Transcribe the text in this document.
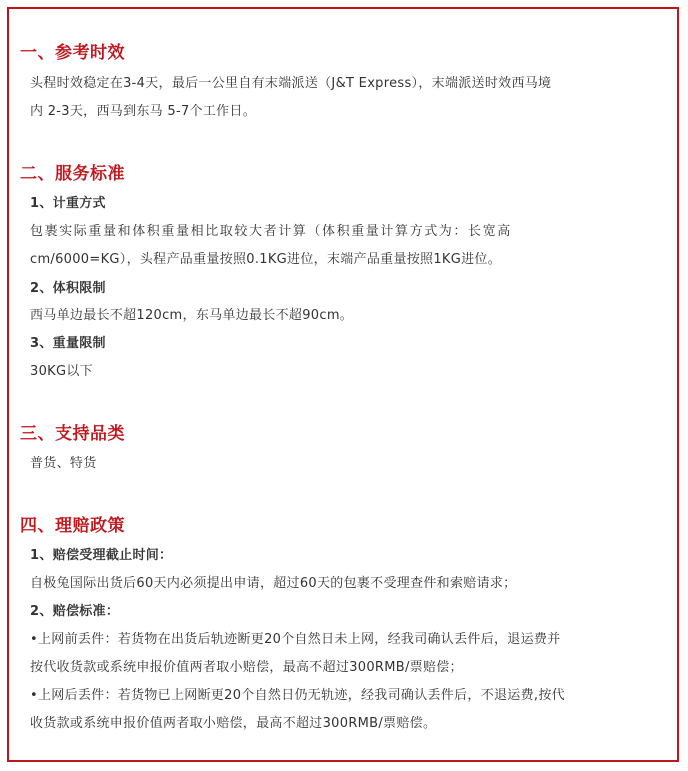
一、参考时效
头程时效稳定在3-4天，最后一公里自有末端派送（J&T Express），末端派送时效西马境
内 2-3天，西马到东马 5-7个工作日。
二、服务标准
1、计重方式
包裹实际重量和体积重量相比取较大者计算（体积重量计算方式为：长宽高
cm/6000=KG），头程产品重量按照0.1KG进位，末端产品重量按照1KG进位。
2、体积限制
西马单边最长不超120cm，东马单边最长不超90cm。
3、重量限制
30KG以下
三、支持品类
普货、特货
四、理赔政策
1、赔偿受理截止时间：
自极兔国际出货后60天内必须提出申请，超过60天的包裹不受理查件和索赔请求；
2、赔偿标准：
•上网前丢件：若货物在出货后轨迹断更20个自然日未上网，经我司确认丢件后，退运费并
按代收货款或系统申报价值两者取小赔偿，最高不超过300RMB/票赔偿；
•上网后丢件：若货物已上网断更20个自然日仍无轨迹，经我司确认丢件后，不退运费,按代
收货款或系统申报价值两者取小赔偿，最高不超过300RMB/票赔偿。
